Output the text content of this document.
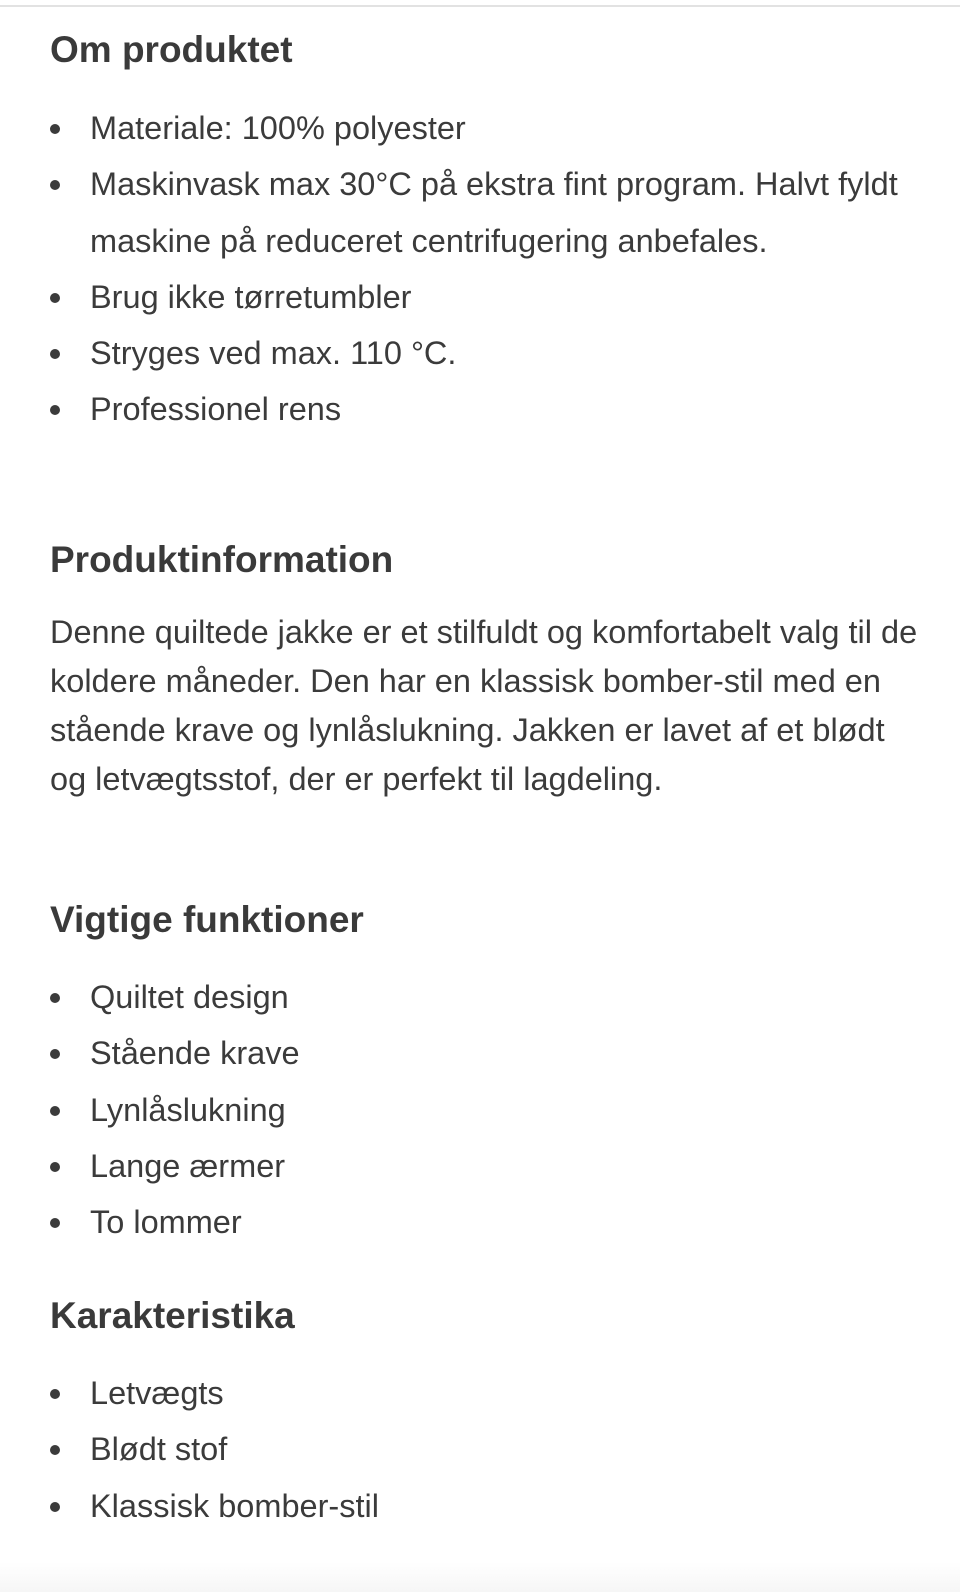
Om produktet
Materiale: 100% polyester
Maskinvask max 30°C på ekstra fint program. Halvt fyldt maskine på reduceret centrifugering anbefales.
Brug ikke tørretumbler
Stryges ved max. 110 °C.
Professionel rens
Produktinformation

Denne quiltede jakke er et stilfuldt og komfortabelt valg til de koldere måneder. Den har en klassisk bomber-stil med en stående krave og lynlåslukning. Jakken er lavet af et blødt og letvægtsstof, der er perfekt til lagdeling.

Vigtige funktioner
Quiltet design
Stående krave
Lynlåslukning
Lange ærmer
To lommer
Karakteristika
Letvægts
Blødt stof
Klassisk bomber-stil
